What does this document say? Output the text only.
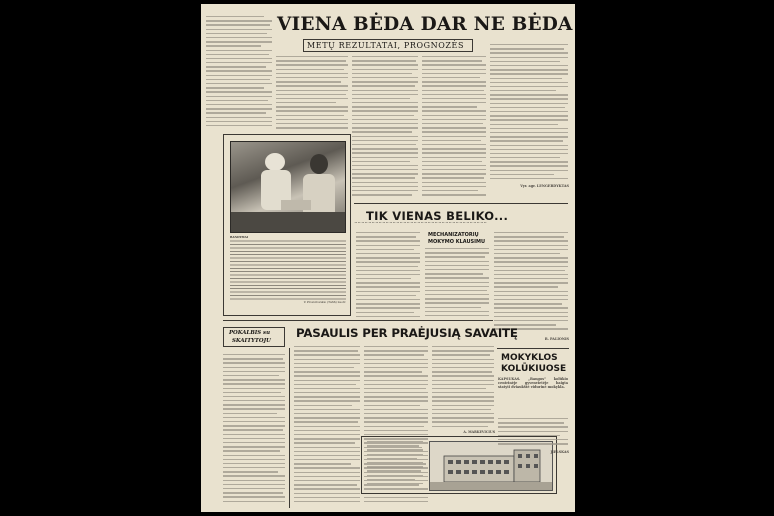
VIENA BĖDA DAR NE BĖDA
METŲ REZULTATAI, PROGNOZĖS
Vyr. agr. LENGERDYKTAS
BANDYMAI
V. Prosvirovskio (TASS) nuotr.
˅˅˅˅˅˅˅˅˅˅˅˅˅˅˅˅˅˅˅˅˅˅˅˅˅˅˅˅˅˅˅˅˅˅˅˅˅˅
TIK VIENAS BELIKO...
˄˄˄˄˄˄˄˄˄˄˄˄˄˄˄˄˄˄˄˄˄˄˄˄˄˄˄˄˄˄˄˄˄˄˄˄˄˄
MECHANIZATORIŲ
MOKYMO KLAUSIMU
R. PALIONIS
POKALBIS su
SKAITYTOJU
PASAULIS PER PRAĖJUSIĄ SAVAITĘ
A. MARKEVIČIUS
MOKYKLOS
KOLŪKIUOSE
KAPSUKAS. „Bangos“ kolūkio centrinėje gyvenvietėje baigta statyti dviaukštė vidurinė mokykla.
JIELSKAS
